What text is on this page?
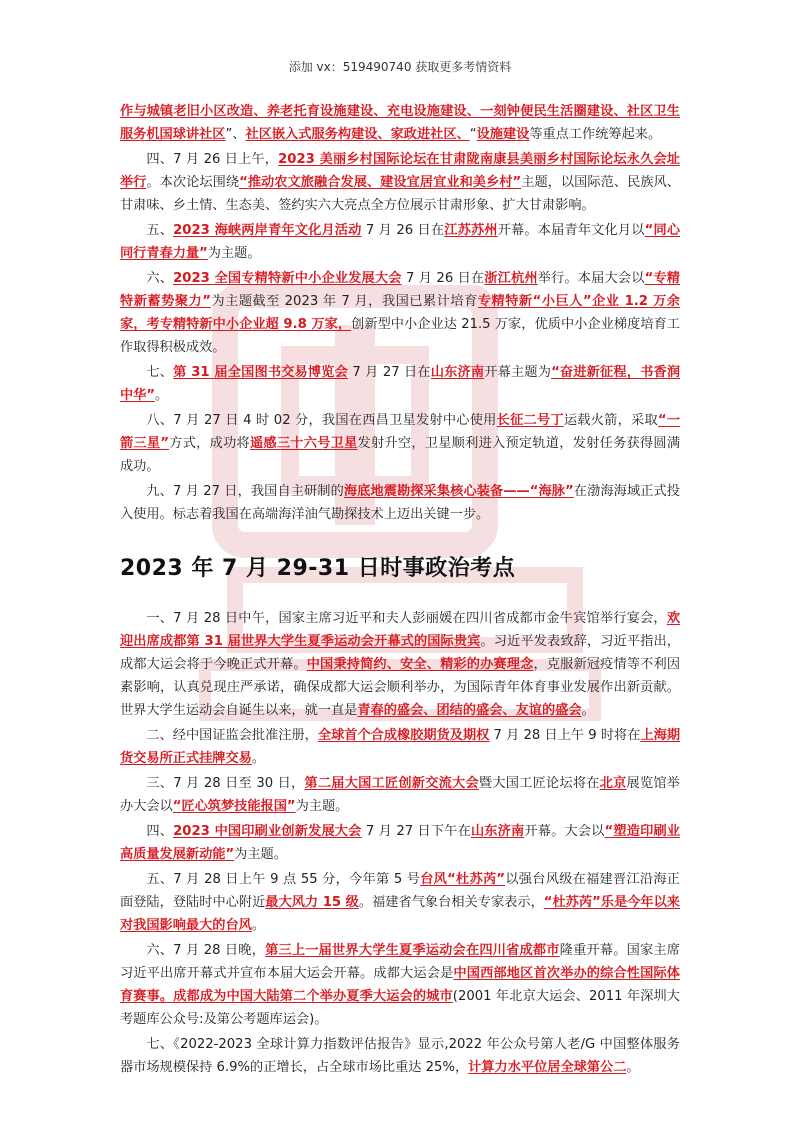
添加 vx：519490740 获取更多考情资料

作与城镇老旧小区改造、养老托育设施建设、充电设施建设、一刻钟便民生活圈建设、社区卫生服务机国球讲社区”、社区嵌入式服务构建设、家政进社区、“设施建设等重点工作统筹起来。

四、7 月 26 日上午，2023 美丽乡村国际论坛在甘肃陇南康县美丽乡村国际论坛永久会址举行。本次论坛围绕“推动农文旅融合发展、建设宜居宜业和美乡村”主题，以国际范、民族风、甘肃味、乡土情、生态美、签约实六大亮点全方位展示甘肃形象、扩大甘肃影响。

五、2023 海峡两岸青年文化月活动 7 月 26 日在江苏苏州开幕。本届青年文化月以“同心同行青春力量”为主题。

六、2023 全国专精特新中小企业发展大会 7 月 26 日在浙江杭州举行。本届大会以“专精特新蓄势聚力”为主题截至 2023 年 7 月，我国已累计培育专精特新“小巨人”企业 1.2 万余家，考专精特新中小企业超 9.8 万家，创新型中小企业达 21.5 万家，优质中小企业梯度培育工作取得积极成效。

七、第 31 届全国图书交易博览会 7 月 27 日在山东济南开幕主题为“奋进新征程，书香润中华”。

八、7 月 27 日 4 时 02 分，我国在西昌卫星发射中心使用长征二号丁运载火箭，采取“一箭三星”方式，成功将遥感三十六号卫星发射升空，卫星顺利进入预定轨道，发射任务获得圆满成功。

九、7 月 27 日，我国自主研制的海底地震勘探采集核心装备——“海脉”在渤海海域正式投入使用。标志着我国在高端海洋油气勘探技术上迈出关键一步。

2023 年 7 月 29-31 日时事政治考点

一、7 月 28 日中午，国家主席习近平和夫人彭丽媛在四川省成都市金牛宾馆举行宴会，欢迎出席成都第 31 届世界大学生夏季运动会开幕式的国际贵宾。习近平发表致辞，习近平指出，成都大运会将于今晚正式开幕。中国秉持简约、安全、精彩的办赛理念，克服新冠疫情等不利因素影响，认真兑现庄严承诺，确保成都大运会顺利举办，为国际青年体育事业发展作出新贡献。世界大学生运动会自诞生以来，就一直是青春的盛会、团结的盛会、友谊的盛会。

二、经中国证监会批准注册，全球首个合成橡胶期货及期权 7 月 28 日上午 9 时将在上海期货交易所正式挂牌交易。

三、7 月 28 日至 30 日，第二届大国工匠创新交流大会暨大国工匠论坛将在北京展览馆举办大会以“匠心筑梦技能报国”为主题。

四、2023 中国印刷业创新发展大会 7 月 27 日下午在山东济南开幕。大会以“塑造印刷业高质量发展新动能”为主题。

五、7 月 28 日上午 9 点 55 分，今年第 5 号台风“杜苏芮”以强台风级在福建晋江沿海正面登陆，登陆时中心附近最大风力 15 级。福建省气象台相关专家表示，“杜苏芮”乐是今年以来对我国影响最大的台风。

六、7 月 28 日晚，第三上一届世界大学生夏季运动会在四川省成都市隆重开幕。国家主席习近平出席开幕式并宣布本届大运会开幕。成都大运会是中国西部地区首次举办的综合性国际体育赛事。成都成为中国大陆第二个举办夏季大运会的城市(2001 年北京大运会、2011 年深圳大考题库公众号:及第公考题库运会)。

七、《2022-2023 全球计算力指数评估报告》显示,2022 年公众号第人老/G 中国整体服务器市场规模保持 6.9%的正增长，占全球市场比重达 25%，计算力水平位居全球第公二。
